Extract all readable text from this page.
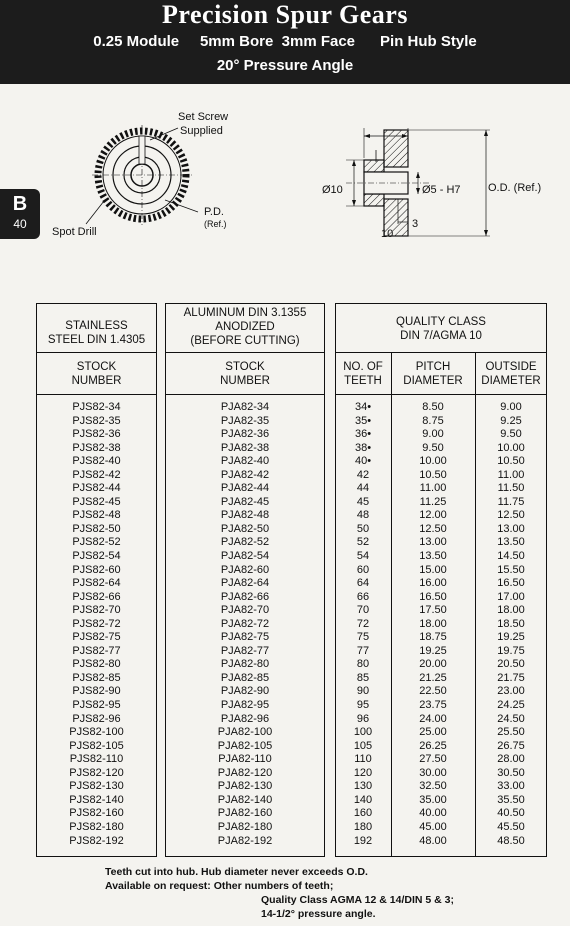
Precision Spur Gears
0.25 Module     5mm Bore  3mm Face      Pin Hub Style
20° Pressure Angle
B
40
Set Screw
Supplied
Spot Drill
P.D.
(Ref.)
10
Ø10	Ø5 - H7 O.D. (Ref.)
3
STAINLESS
STEEL DIN 1.4305
ALUMINUM DIN 3.1355
ANODIZED
(BEFORE CUTTING)
QUALITY CLASS
DIN 7/AGMA 10
STOCK
NUMBER
STOCK
NUMBER
NO. OF
TEETH
PITCH
DIAMETER
OUTSIDE
DIAMETER
PJS82-34
PJS82-35
PJS82-36
PJS82-38
PJS82-40
PJS82-42
PJS82-44
PJS82-45
PJS82-48
PJS82-50
PJS82-52
PJS82-54
PJS82-60
PJS82-64
PJS82-66
PJS82-70
PJS82-72
PJS82-75
PJS82-77
PJS82-80
PJS82-85
PJS82-90
PJS82-95
PJS82-96
PJS82-100
PJS82-105
PJS82-110
PJS82-120
PJS82-130
PJS82-140
PJS82-160
PJS82-180
PJS82-192
PJA82-34
PJA82-35
PJA82-36
PJA82-38
PJA82-40
PJA82-42
PJA82-44
PJA82-45
PJA82-48
PJA82-50
PJA82-52
PJA82-54
PJA82-60
PJA82-64
PJA82-66
PJA82-70
PJA82-72
PJA82-75
PJA82-77
PJA82-80
PJA82-85
PJA82-90
PJA82-95
PJA82-96
PJA82-100
PJA82-105
PJA82-110
PJA82-120
PJA82-130
PJA82-140
PJA82-160
PJA82-180
PJA82-192
34•
35•
36•
38•
40•
42
44
45
48
50
52
54
60
64
66
70
72
75
77
80
85
90
95
96
100
105
110
120
130
140
160
180
192
8.50
8.75
9.00
9.50
10.00
10.50
11.00
11.25
12.00
12.50
13.00
13.50
15.00
16.00
16.50
17.50
18.00
18.75
19.25
20.00
21.25
22.50
23.75
24.00
25.00
26.25
27.50
30.00
32.50
35.00
40.00
45.00
48.00
9.00
9.25
9.50
10.00
10.50
11.00
11.50
11.75
12.50
13.00
13.50
14.50
15.50
16.50
17.00
18.00
18.50
19.25
19.75
20.50
21.75
23.00
24.25
24.50
25.50
26.75
28.00
30.50
33.00
35.50
40.50
45.50
48.50
Teeth cut into hub. Hub diameter never exceeds O.D.
Available on request: Other numbers of teeth;
Quality Class AGMA 12 & 14/DIN 5 & 3;
14-1/2° pressure angle.
